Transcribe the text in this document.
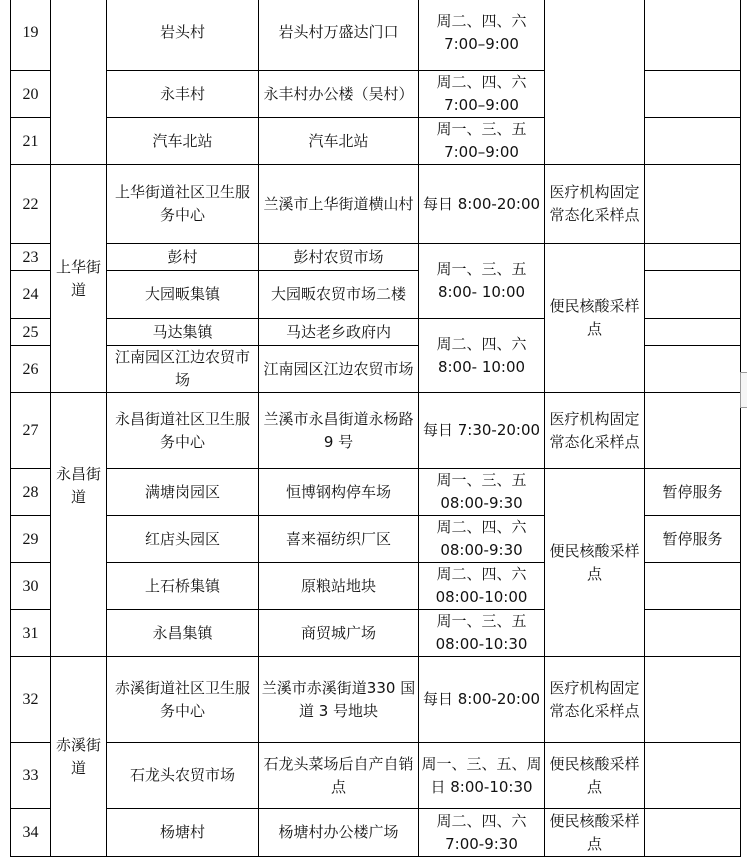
19		岩头村	岩头村万盛达门口	周二、四、六 7:00–9:00		
20		永丰村	永丰村办公楼（吴村）	周二、四、六 7:00–9:00		
21		汽车北站	汽车北站	周一、三、五 7:00–9:00		
22	上华街道	上华街道社区卫生服务中心	兰溪市上华街道横山村	每日 8:00-20:00	医疗机构固定常态化采样点	
23		彭村	彭村农贸市场	周一、三、五 8:00- 10:00	便民核酸采样点	
24		大园畈集镇	大园畈农贸市场二楼			
25		马达集镇	马达老乡政府内	周二、四、六 8:00- 10:00		
26		江南园区江边农贸市场	江南园区江边农贸市场			
27	永昌街道	永昌街道社区卫生服务中心	兰溪市永昌街道永杨路 9 号	每日 7:30-20:00	医疗机构固定常态化采样点	
28		满塘岗园区	恒博钢构停车场	周一、三、五 08:00-9:30	便民核酸采样点	暂停服务
29		红店头园区	喜来福纺织厂区	周二、四、六 08:00-9:30		暂停服务
30		上石桥集镇	原粮站地块	周二、四、六 08:00-10:00		
31		永昌集镇	商贸城广场	周一、三、五 08:00-10:30		
32	赤溪街道	赤溪街道社区卫生服务中心	兰溪市赤溪街道330 国道 3 号地块	每日 8:00-20:00	医疗机构固定常态化采样点	
33		石龙头农贸市场	石龙头菜场后自产自销点	周一、三、五、周日 8:00-10:30	便民核酸采样点	
34		杨塘村	杨塘村办公楼广场	周二、四、六 7:00-9:30	便民核酸采样点	
